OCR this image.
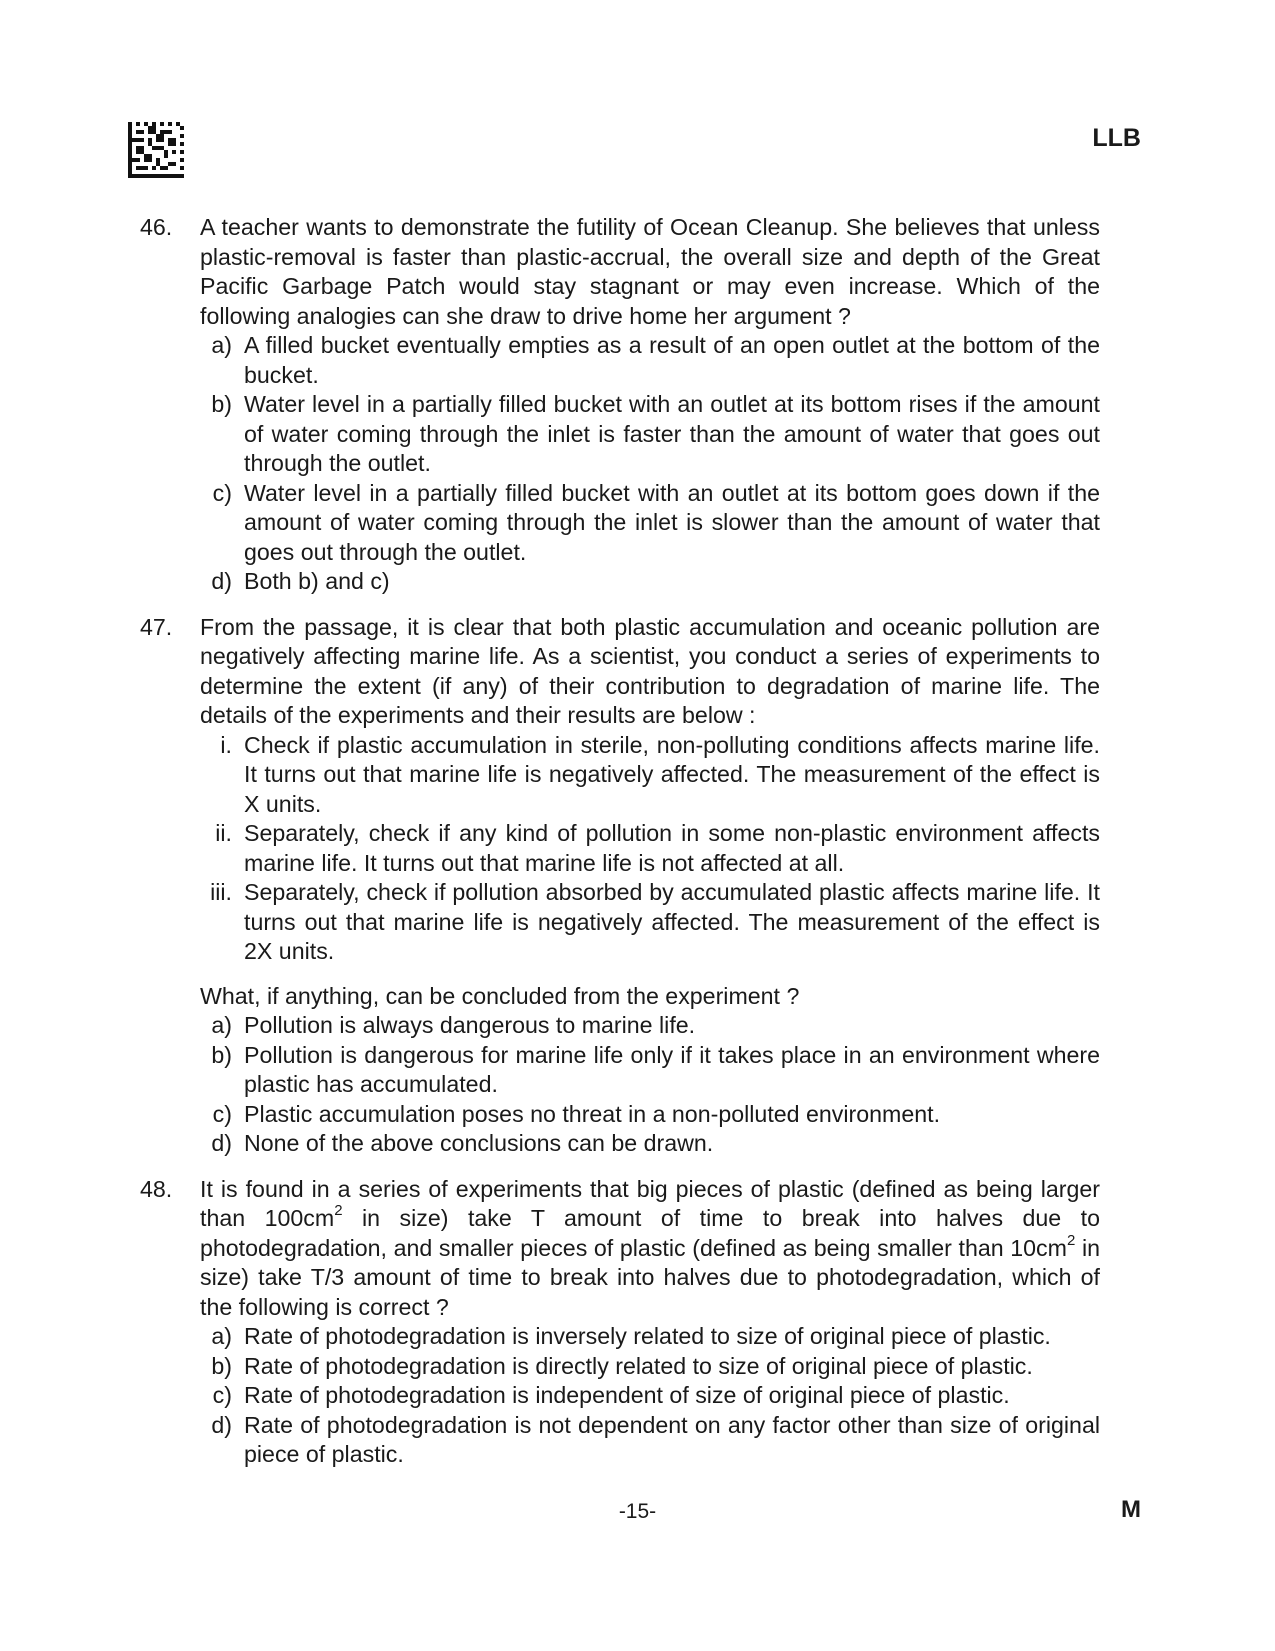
LLB
46. A teacher wants to demonstrate the futility of Ocean Cleanup. She believes that unless plastic-removal is faster than plastic-accrual, the overall size and depth of the Great Pacific Garbage Patch would stay stagnant or may even increase. Which of the following analogies can she draw to drive home her argument ?
a) A filled bucket eventually empties as a result of an open outlet at the bottom of the bucket.
b) Water level in a partially filled bucket with an outlet at its bottom rises if the amount of water coming through the inlet is faster than the amount of water that goes out through the outlet.
c) Water level in a partially filled bucket with an outlet at its bottom goes down if the amount of water coming through the inlet is slower than the amount of water that goes out through the outlet.
d) Both b) and c)
47. From the passage, it is clear that both plastic accumulation and oceanic pollution are negatively affecting marine life. As a scientist, you conduct a series of experiments to determine the extent (if any) of their contribution to degradation of marine life. The details of the experiments and their results are below :
i. Check if plastic accumulation in sterile, non-polluting conditions affects marine life. It turns out that marine life is negatively affected. The measurement of the effect is X units.
ii. Separately, check if any kind of pollution in some non-plastic environment affects marine life. It turns out that marine life is not affected at all.
iii. Separately, check if pollution absorbed by accumulated plastic affects marine life. It turns out that marine life is negatively affected. The measurement of the effect is 2X units.
What, if anything, can be concluded from the experiment ?
a) Pollution is always dangerous to marine life.
b) Pollution is dangerous for marine life only if it takes place in an environment where plastic has accumulated.
c) Plastic accumulation poses no threat in a non-polluted environment.
d) None of the above conclusions can be drawn.
48. It is found in a series of experiments that big pieces of plastic (defined as being larger than $100cm^2$ in size) take T amount of time to break into halves due to photodegradation, and smaller pieces of plastic (defined as being smaller than $10cm^2$ in size) take T/3 amount of time to break into halves due to photodegradation, which of the following is correct ?
a) Rate of photodegradation is inversely related to size of original piece of plastic.
b) Rate of photodegradation is directly related to size of original piece of plastic.
c) Rate of photodegradation is independent of size of original piece of plastic.
d) Rate of photodegradation is not dependent on any factor other than size of original piece of plastic.
-15-	M
